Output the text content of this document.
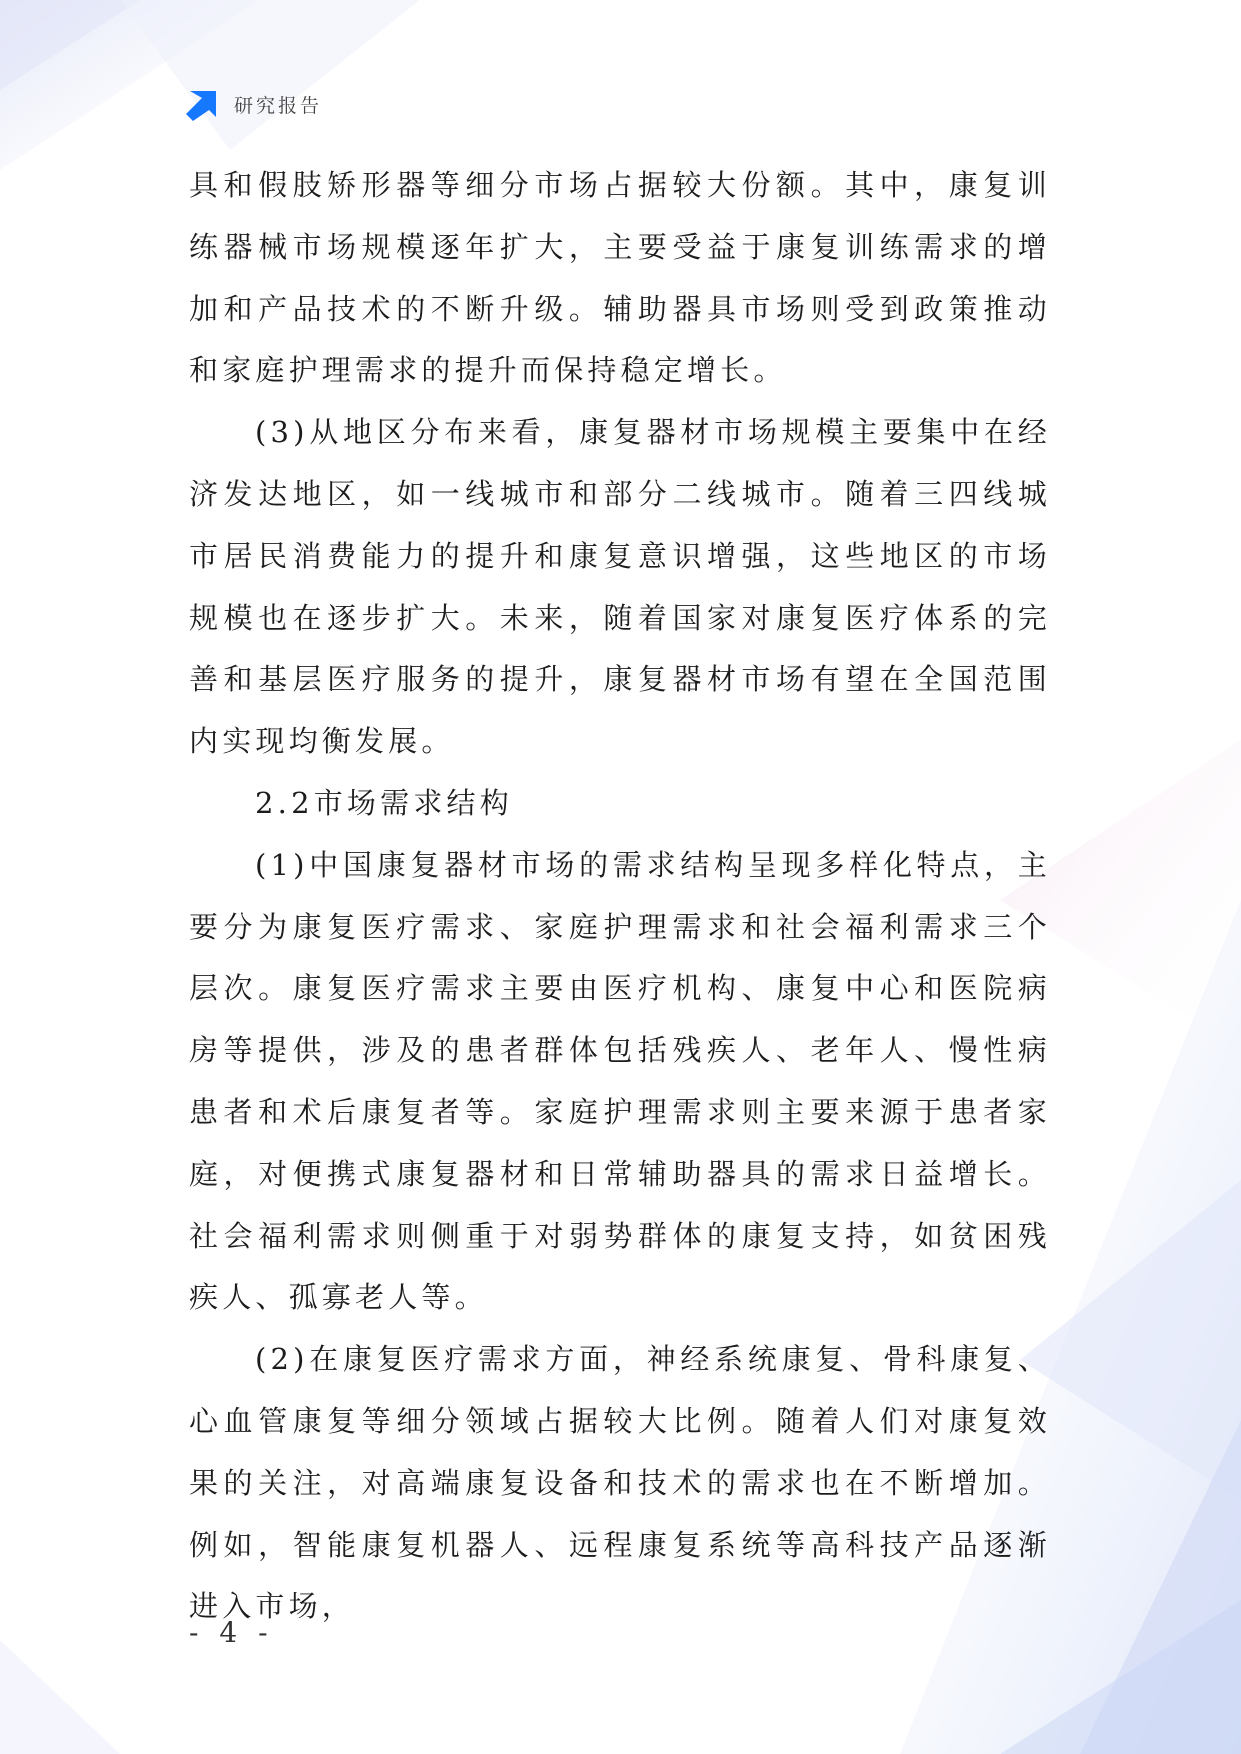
研究报告

具和假肢矫形器等细分市场占据较大份额。其中，康复训练器械市场规模逐年扩大，主要受益于康复训练需求的增加和产品技术的不断升级。辅助器具市场则受到政策推动和家庭护理需求的提升而保持稳定增长。

(3)从地区分布来看，康复器材市场规模主要集中在经济发达地区，如一线城市和部分二线城市。随着三四线城市居民消费能力的提升和康复意识增强，这些地区的市场规模也在逐步扩大。未来，随着国家对康复医疗体系的完善和基层医疗服务的提升，康复器材市场有望在全国范围内实现均衡发展。

2.2市场需求结构

(1)中国康复器材市场的需求结构呈现多样化特点，主要分为康复医疗需求、家庭护理需求和社会福利需求三个层次。康复医疗需求主要由医疗机构、康复中心和医院病房等提供，涉及的患者群体包括残疾人、老年人、慢性病患者和术后康复者等。家庭护理需求则主要来源于患者家庭，对便携式康复器材和日常辅助器具的需求日益增长。社会福利需求则侧重于对弱势群体的康复支持，如贫困残疾人、孤寡老人等。

(2)在康复医疗需求方面，神经系统康复、骨科康复、心血管康复等细分领域占据较大比例。随着人们对康复效果的关注，对高端康复设备和技术的需求也在不断增加。例如，智能康复机器人、远程康复系统等高科技产品逐渐进入市场，

- 4 -
